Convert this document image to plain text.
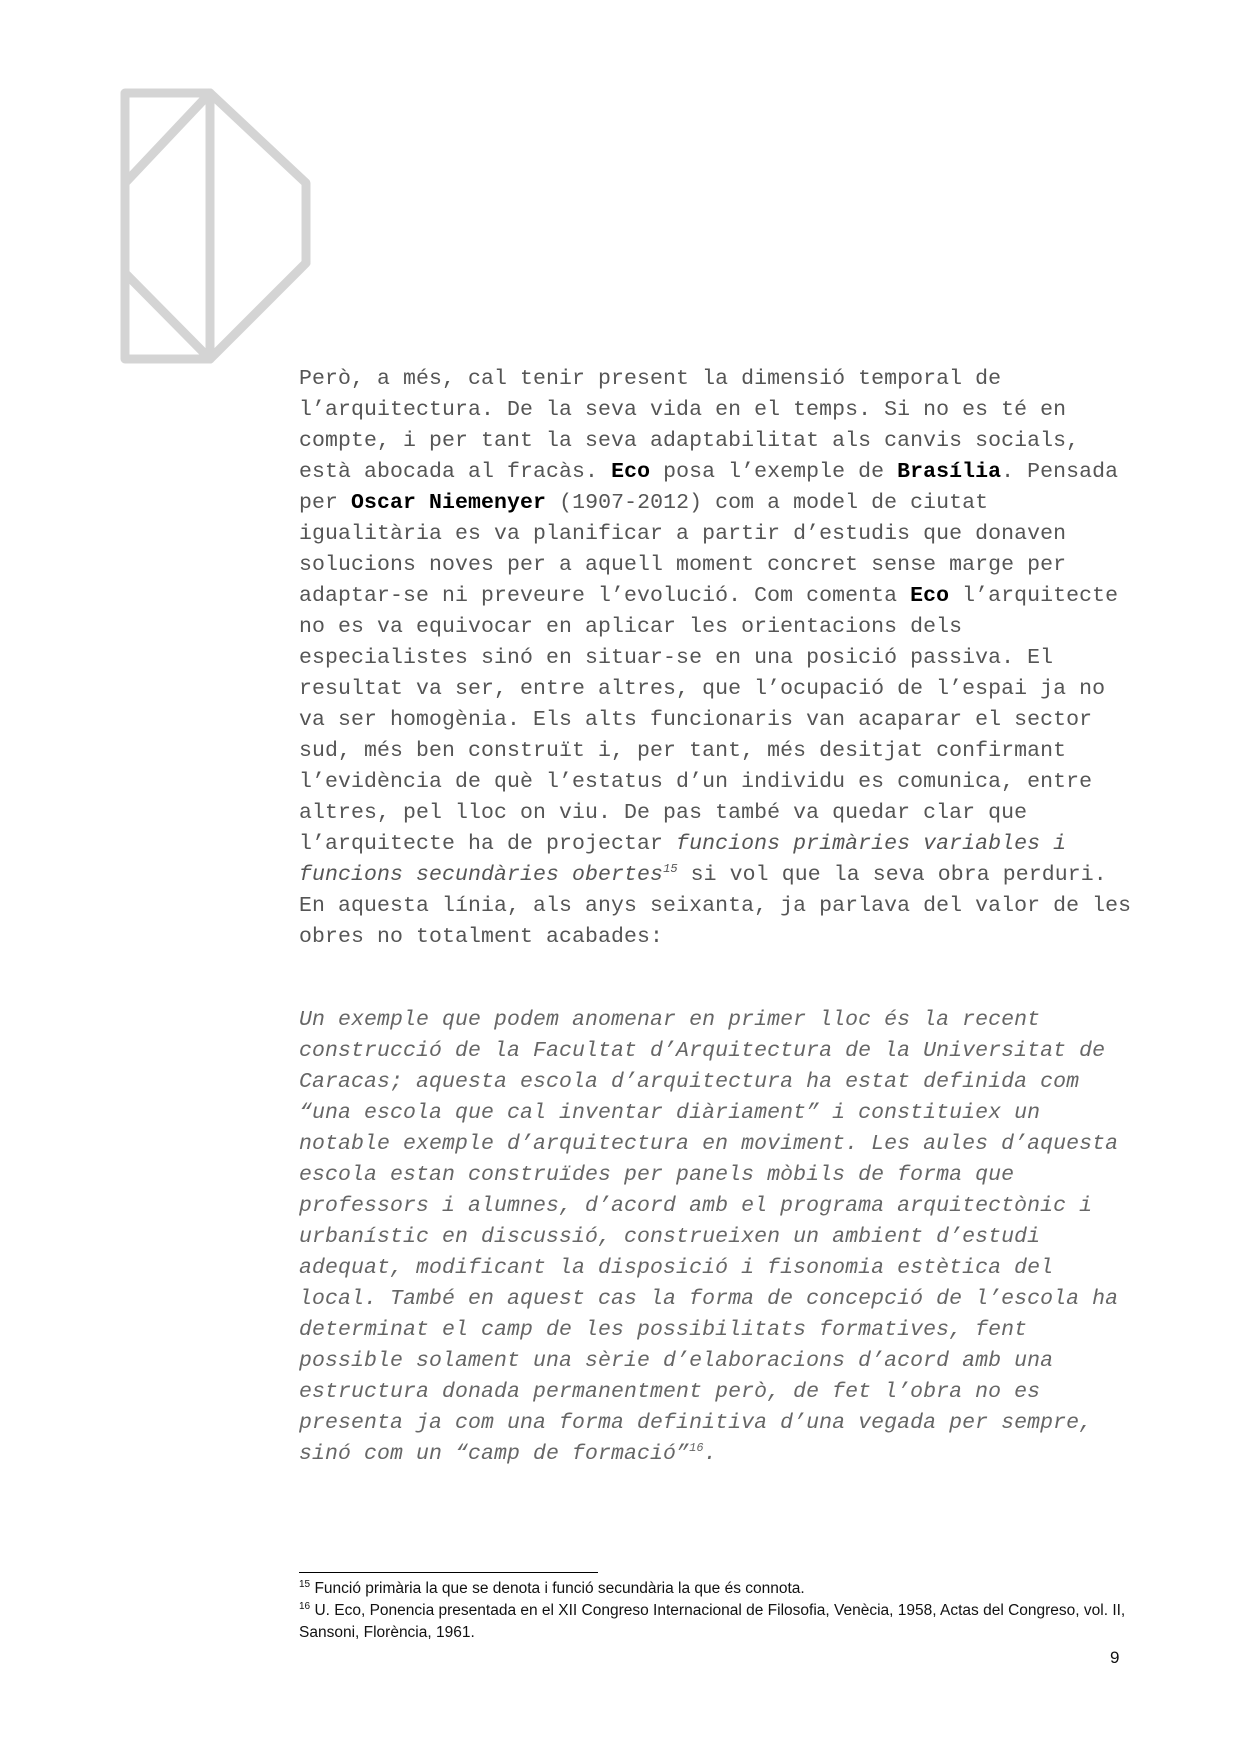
Però, a més, cal tenir present la dimensió temporal de l’arquitectura. De la seva vida en el temps. Si no es té en compte, i per tant la seva adaptabilitat als canvis socials, està abocada al fracàs. Eco posa l’exemple de Brasília. Pensada per Oscar Niemenyer (1907-2012) com a model de ciutat igualitària es va planificar a partir d’estudis que donaven solucions noves per a aquell moment concret sense marge per adaptar-se ni preveure l’evolució. Com comenta Eco l’arquitecte no es va equivocar en aplicar les orientacions dels especialistes sinó en situar-se en una posició passiva. El resultat va ser, entre altres, que l’ocupació de l’espai ja no va ser homogènia. Els alts funcionaris van acaparar el sector sud, més ben construït i, per tant, més desitjat confirmant l’evidència de què l’estatus d’un individu es comunica, entre altres, pel lloc on viu. De pas també va quedar clar que l’arquitecte ha de projectar funcions primàries variables i funcions secundàries obertes$^{15}$ si vol que la seva obra perduri. En aquesta línia, als anys seixanta, ja parlava del valor de les obres no totalment acabades:

Un exemple que podem anomenar en primer lloc és la recent construcció de la Facultat d’Arquitectura de la Universitat de Caracas; aquesta escola d’arquitectura ha estat definida com “una escola que cal inventar diàriament” i constituiex un notable exemple d’arquitectura en moviment. Les aules d’aquesta escola estan construïdes per panels mòbils de forma que professors i alumnes, d’acord amb el programa arquitectònic i urbanístic en discussió, construeixen un ambient d’estudi adequat, modificant la disposició i fisonomia estètica del local. També en aquest cas la forma de concepció de l’escola ha determinat el camp de les possibilitats formatives, fent possible solament una sèrie d’elaboracions d’acord amb una estructura donada permanentment però, de fet l’obra no es presenta ja com una forma definitiva d’una vegada per sempre, sinó com un “camp de formació”$^{16}$.

$^{15}$ Funció primària la que se denota i funció secundària la que és connota.

$^{16}$ U. Eco, Ponencia presentada en el XII Congreso Internacional de Filosofia, Venècia, 1958, Actas del Congreso, vol. II, Sansoni, Florència, 1961.

9
